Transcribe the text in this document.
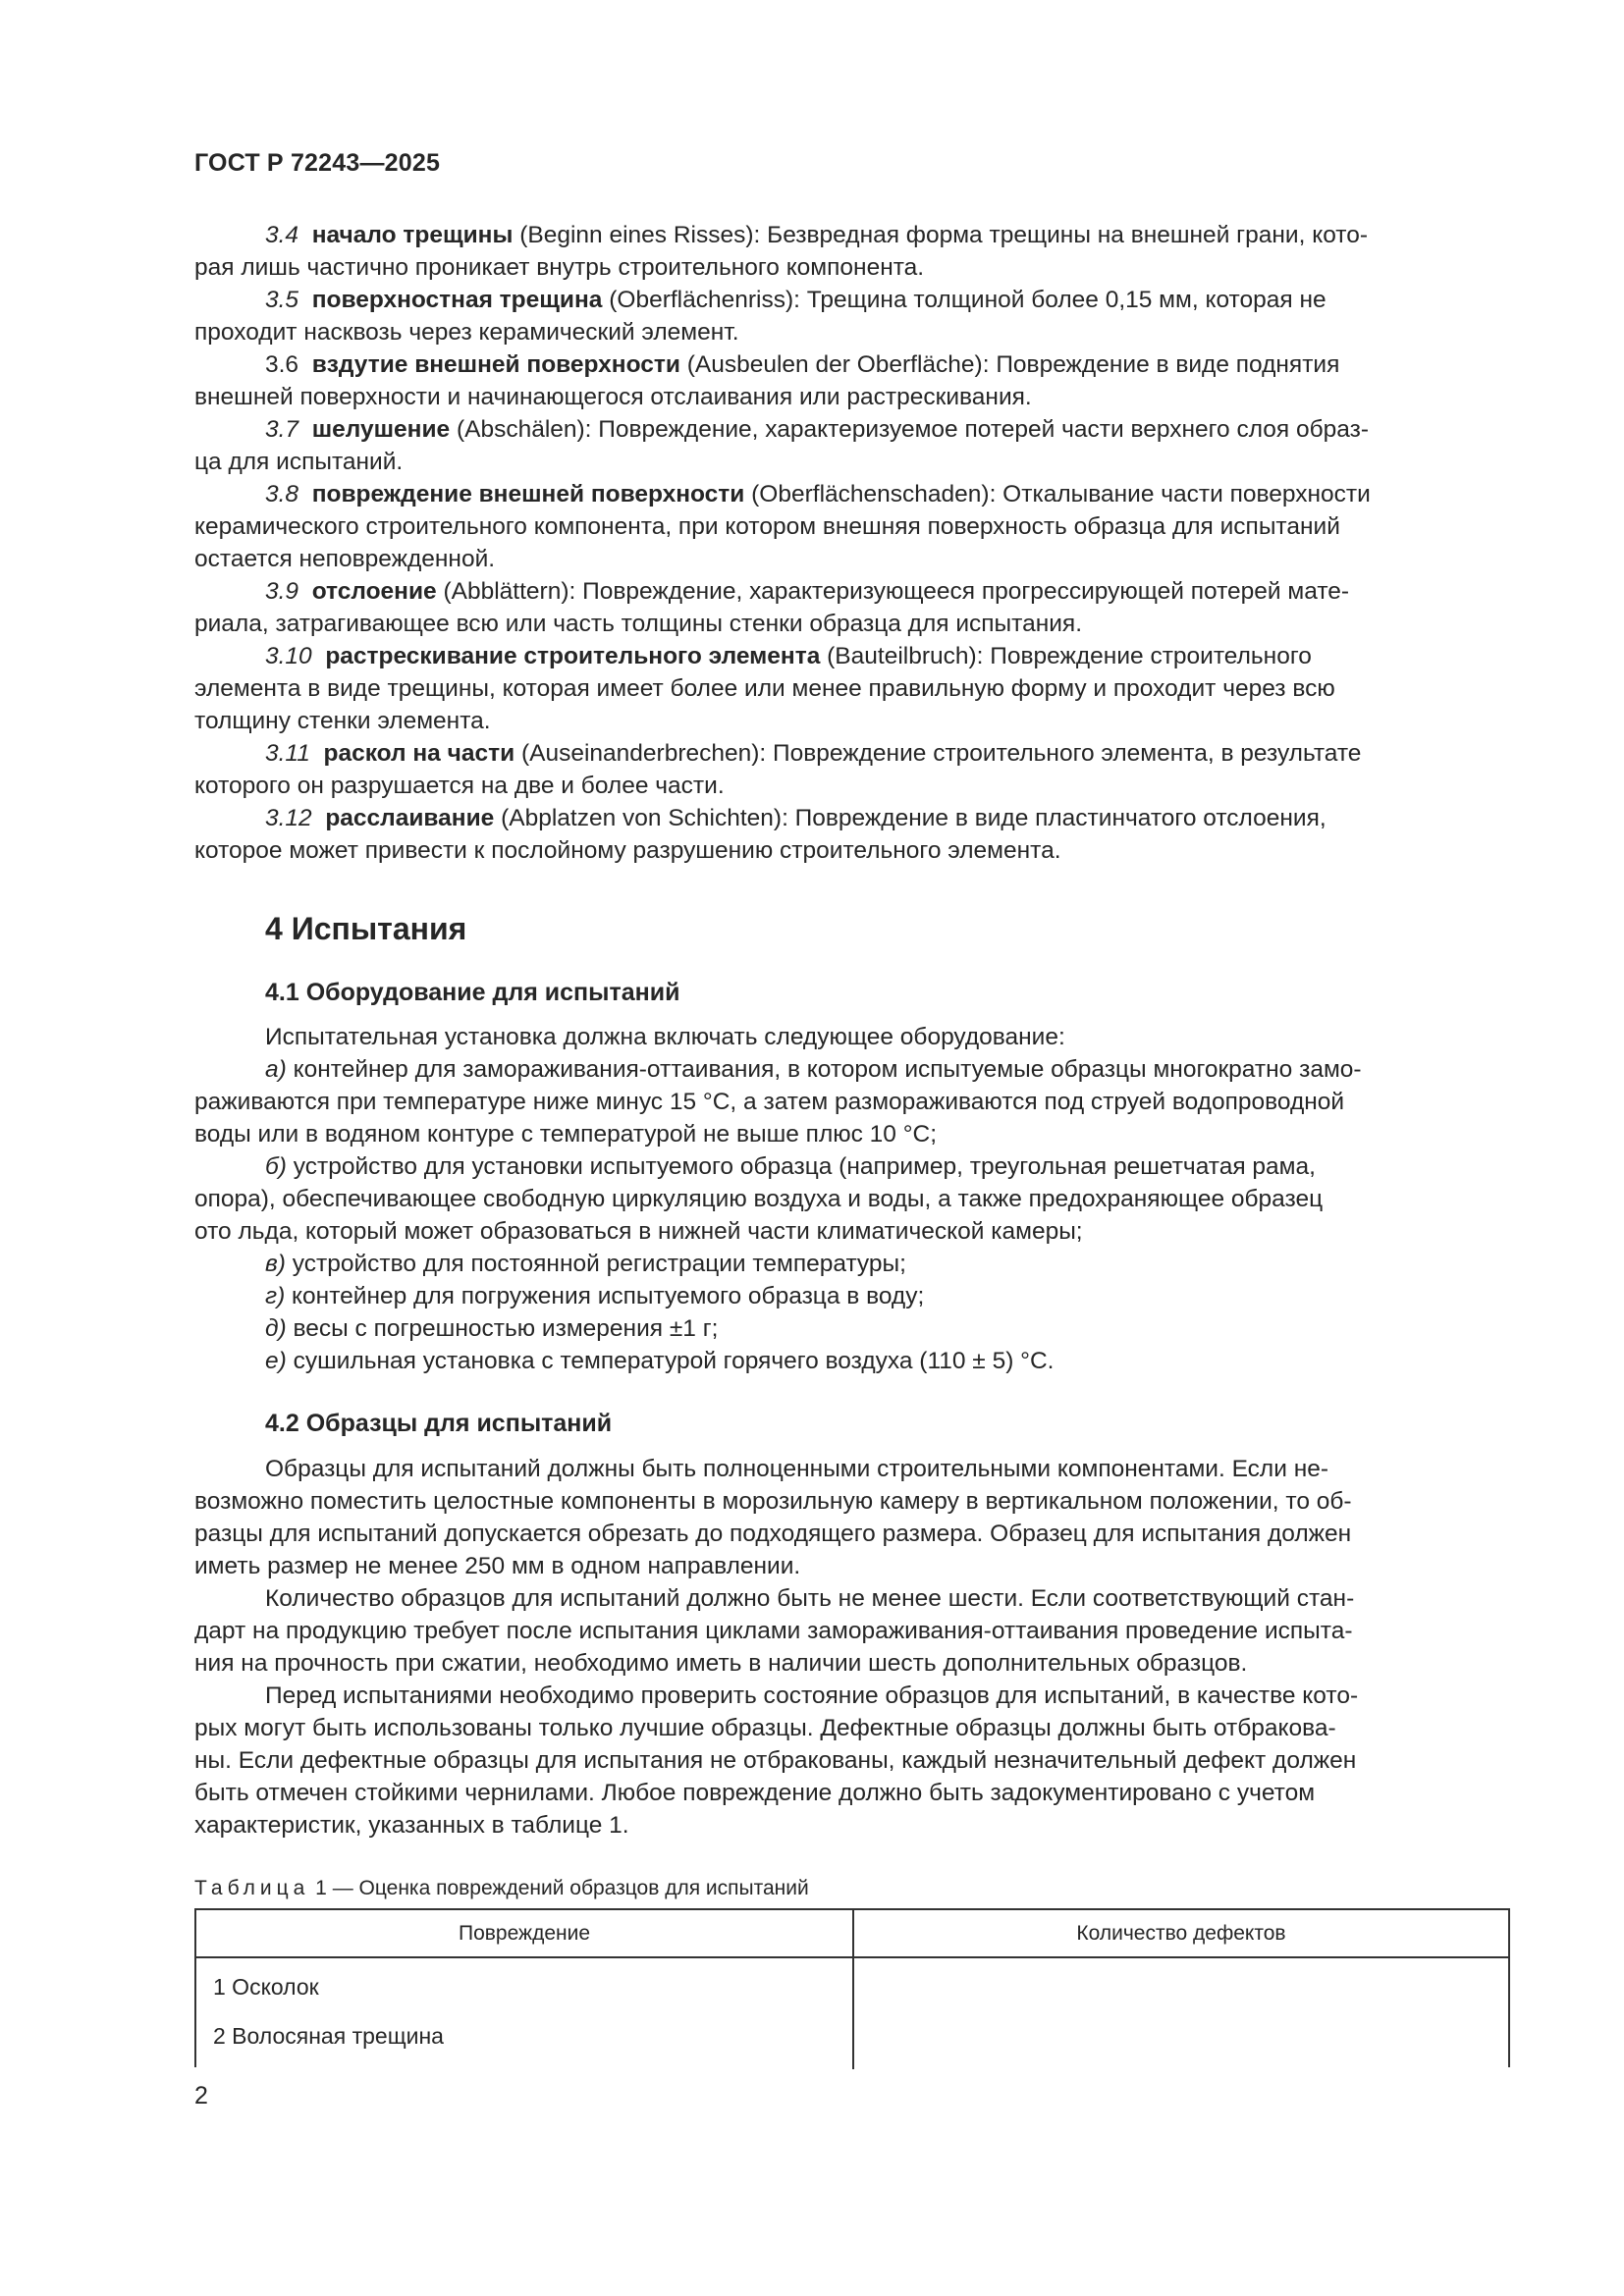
ГОСТ Р 72243—2025
3.4 начало трещины (Beginn eines Risses): Безвредная форма трещины на внешней грани, кото-
рая лишь частично проникает внутрь строительного компонента.
3.5 поверхностная трещина (Oberflächenriss): Трещина толщиной более 0,15 мм, которая не
проходит насквозь через керамический элемент.
3.6 вздутие внешней поверхности (Ausbeulen der Oberfläche): Повреждение в виде поднятия
внешней поверхности и начинающегося отслаивания или растрескивания.
3.7 шелушение (Abschälen): Повреждение, характеризуемое потерей части верхнего слоя образ-
ца для испытаний.
3.8 повреждение внешней поверхности (Oberflächenschaden): Откалывание части поверхности
керамического строительного компонента, при котором внешняя поверхность образца для испытаний
остается неповрежденной.
3.9 отслоение (Abblättern): Повреждение, характеризующееся прогрессирующей потерей мате-
риала, затрагивающее всю или часть толщины стенки образца для испытания.
3.10 растрескивание строительного элемента (Bauteilbruch): Повреждение строительного
элемента в виде трещины, которая имеет более или менее правильную форму и проходит через всю
толщину стенки элемента.
3.11 раскол на части (Auseinanderbrechen): Повреждение строительного элемента, в результате
которого он разрушается на две и более части.
3.12 расслаивание (Abplatzen von Schichten): Повреждение в виде пластинчатого отслоения,
которое может привести к послойному разрушению строительного элемента.
4 Испытания
4.1 Оборудование для испытаний
Испытательная установка должна включать следующее оборудование:
а) контейнер для замораживания-оттаивания, в котором испытуемые образцы многократно замо-
раживаются при температуре ниже минус 15 °С, а затем размораживаются под струей водопроводной
воды или в водяном контуре с температурой не выше плюс 10 °С;
б) устройство для установки испытуемого образца (например, треугольная решетчатая рама,
опора), обеспечивающее свободную циркуляцию воздуха и воды, а также предохраняющее образец
ото льда, который может образоваться в нижней части климатической камеры;
в) устройство для постоянной регистрации температуры;
г) контейнер для погружения испытуемого образца в воду;
д) весы с погрешностью измерения ±1 г;
е) сушильная установка с температурой горячего воздуха (110 ± 5) °С.
4.2 Образцы для испытаний
Образцы для испытаний должны быть полноценными строительными компонентами. Если не-
возможно поместить целостные компоненты в морозильную камеру в вертикальном положении, то об-
разцы для испытаний допускается обрезать до подходящего размера. Образец для испытания должен
иметь размер не менее 250 мм в одном направлении.
Количество образцов для испытаний должно быть не менее шести. Если соответствующий стан-
дарт на продукцию требует после испытания циклами замораживания-оттаивания проведение испыта-
ния на прочность при сжатии, необходимо иметь в наличии шесть дополнительных образцов.
Перед испытаниями необходимо проверить состояние образцов для испытаний, в качестве кото-
рых могут быть использованы только лучшие образцы. Дефектные образцы должны быть отбракова-
ны. Если дефектные образцы для испытания не отбракованы, каждый незначительный дефект должен
быть отмечен стойкими чернилами. Любое повреждение должно быть задокументировано с учетом
характеристик, указанных в таблице 1.
Таблица 1 — Оценка повреждений образцов для испытаний
Повреждение	Количество дефектов
1 Осколок
2 Волосяная трещина
2
